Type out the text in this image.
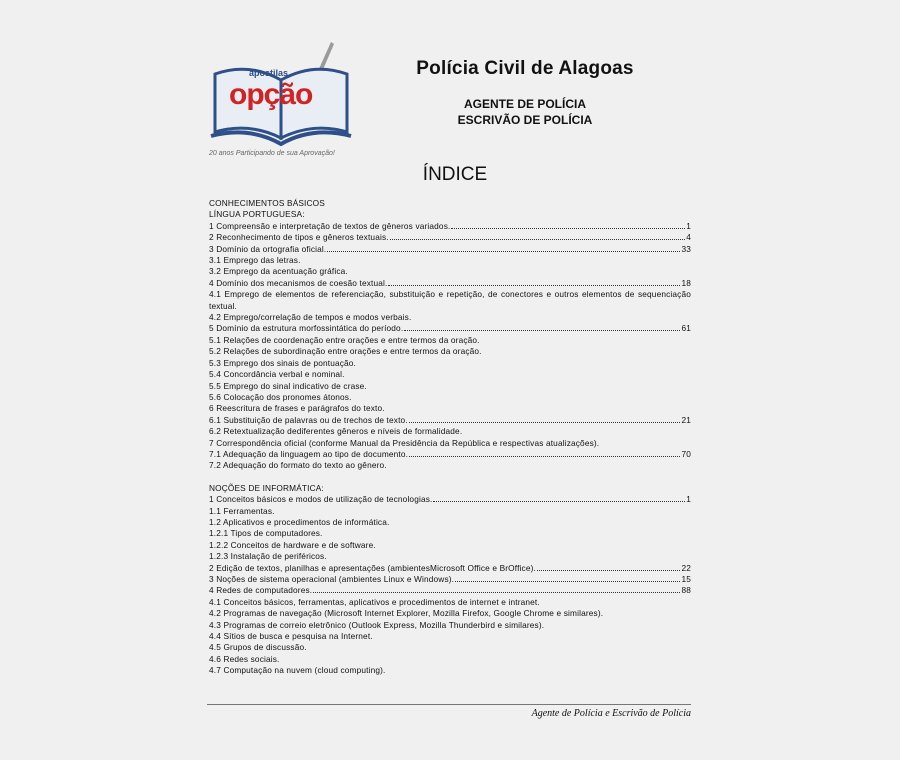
apostilas
opção
20 anos Participando de sua Aprovação!
Polícia Civil de Alagoas
AGENTE DE POLÍCIA
ESCRIVÃO DE POLÍCIA
ÍNDICE
CONHECIMENTOS BÁSICOS
LÍNGUA PORTUGUESA:
1 Compreensão e interpretação de textos de gêneros variados.	1
2 Reconhecimento de tipos e gêneros textuais.	4
3 Domínio da ortografia oficial.	33
3.1 Emprego das letras.
3.2 Emprego da acentuação gráfica.
4 Domínio dos mecanismos de coesão textual.	18
4.1 Emprego de elementos de referenciação, substituição e repetição, de conectores e outros elementos de sequenciação textual.
4.2 Emprego/correlação de tempos e modos verbais.
5 Domínio da estrutura morfossintática do período.	61
5.1 Relações de coordenação entre orações e entre termos da oração.
5.2 Relações de subordinação entre orações e entre termos da oração.
5.3 Emprego dos sinais de pontuação.
5.4 Concordância verbal e nominal.
5.5 Emprego do sinal indicativo de crase.
5.6 Colocação dos pronomes átonos.
6 Reescritura de frases e parágrafos do texto.
6.1 Substituição de palavras ou de trechos de texto.	21
6.2 Retextualização dediferentes gêneros e níveis de formalidade.
7 Correspondência oficial (conforme Manual da Presidência da República e respectivas atualizações).
7.1 Adequação da linguagem ao tipo de documento.	70
7.2 Adequação do formato do texto ao gênero.
NOÇÕES DE INFORMÁTICA:
1 Conceitos básicos e modos de utilização de tecnologias.	1
1.1 Ferramentas.
1.2 Aplicativos e procedimentos de informática.
1.2.1 Tipos de computadores.
1.2.2 Conceitos de hardware e de software.
1.2.3 Instalação de periféricos.
2 Edição de textos, planilhas e apresentações (ambientesMicrosoft Office e BrOffice).	22
3 Noções de sistema operacional (ambientes Linux e Windows).	15
4 Redes de computadores.	88
4.1 Conceitos básicos, ferramentas, aplicativos e procedimentos de internet e intranet.
4.2 Programas de navegação (Microsoft Internet Explorer, Mozilla Firefox, Google Chrome e similares).
4.3 Programas de correio eletrônico (Outlook Express, Mozilla Thunderbird e similares).
4.4 Sítios de busca e pesquisa na Internet.
4.5 Grupos de discussão.
4.6 Redes sociais.
4.7 Computação na nuvem (cloud computing).
Agente de Polícia e Escrivão de Polícia
